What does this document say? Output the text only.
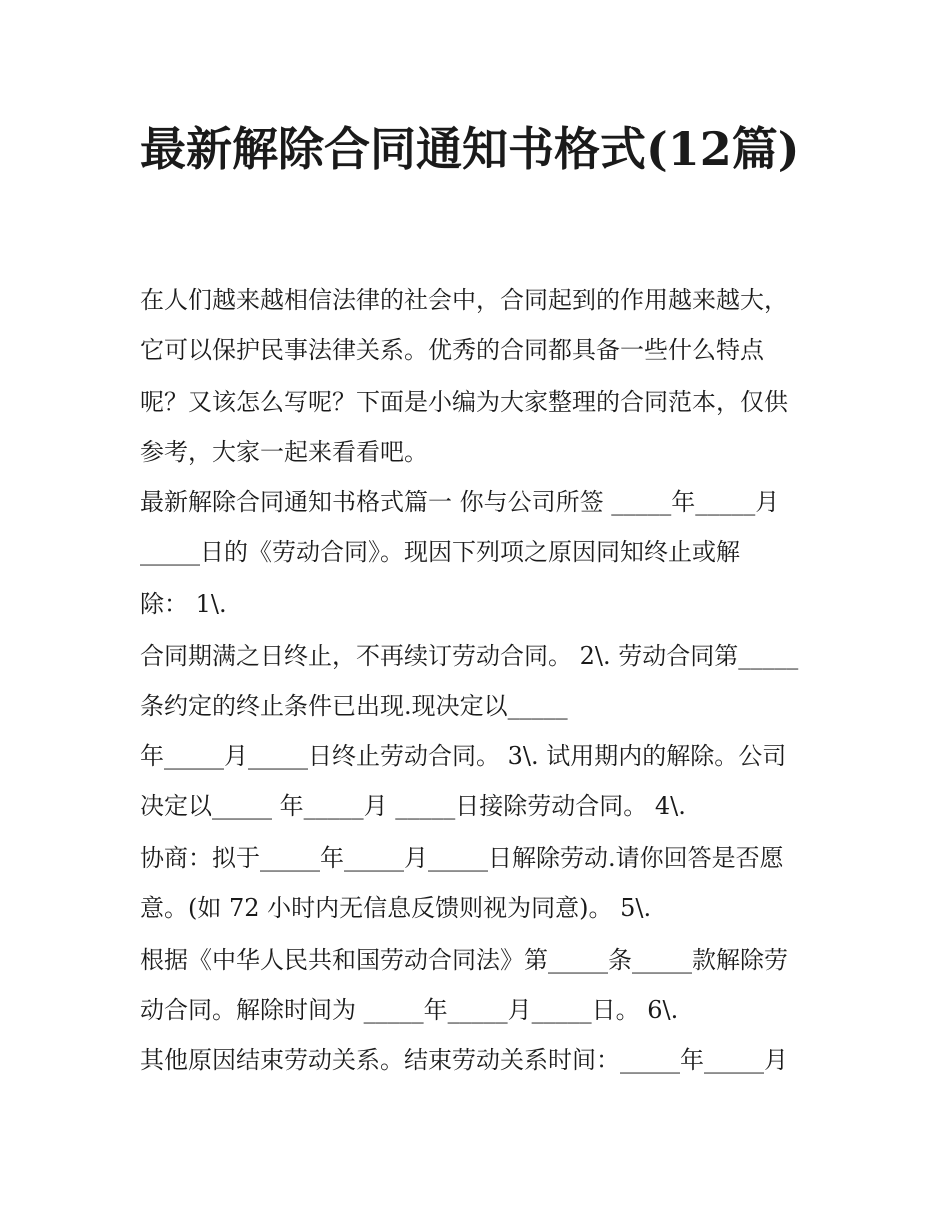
最新解除合同通知书格式(12篇)

在人们越来越相信法律的社会中，合同起到的作用越来越大，

它可以保护民事法律关系。优秀的合同都具备一些什么特点

呢？又该怎么写呢？下面是小编为大家整理的合同范本，仅供

参考，大家一起来看看吧。

最新解除合同通知书格式篇一 你与公司所签 _____年_____月

_____日的《劳动合同》。现因下列项之原因同知终止或解

除： 1\.

合同期满之日终止，不再续订劳动合同。 2\. 劳动合同第_____

条约定的终止条件已出现.现决定以_____

年_____月_____日终止劳动合同。 3\. 试用期内的解除。公司

决定以_____ 年_____月 _____日接除劳动合同。 4\.

协商：拟于_____年_____月_____日解除劳动.请你回答是否愿

意。(如 72 小时内无信息反馈则视为同意)。 5\.

根据《中华人民共和国劳动合同法》第_____条_____款解除劳

动合同。解除时间为 _____年_____月_____日。 6\.

其他原因结束劳动关系。结束劳动关系时间：_____年_____月
